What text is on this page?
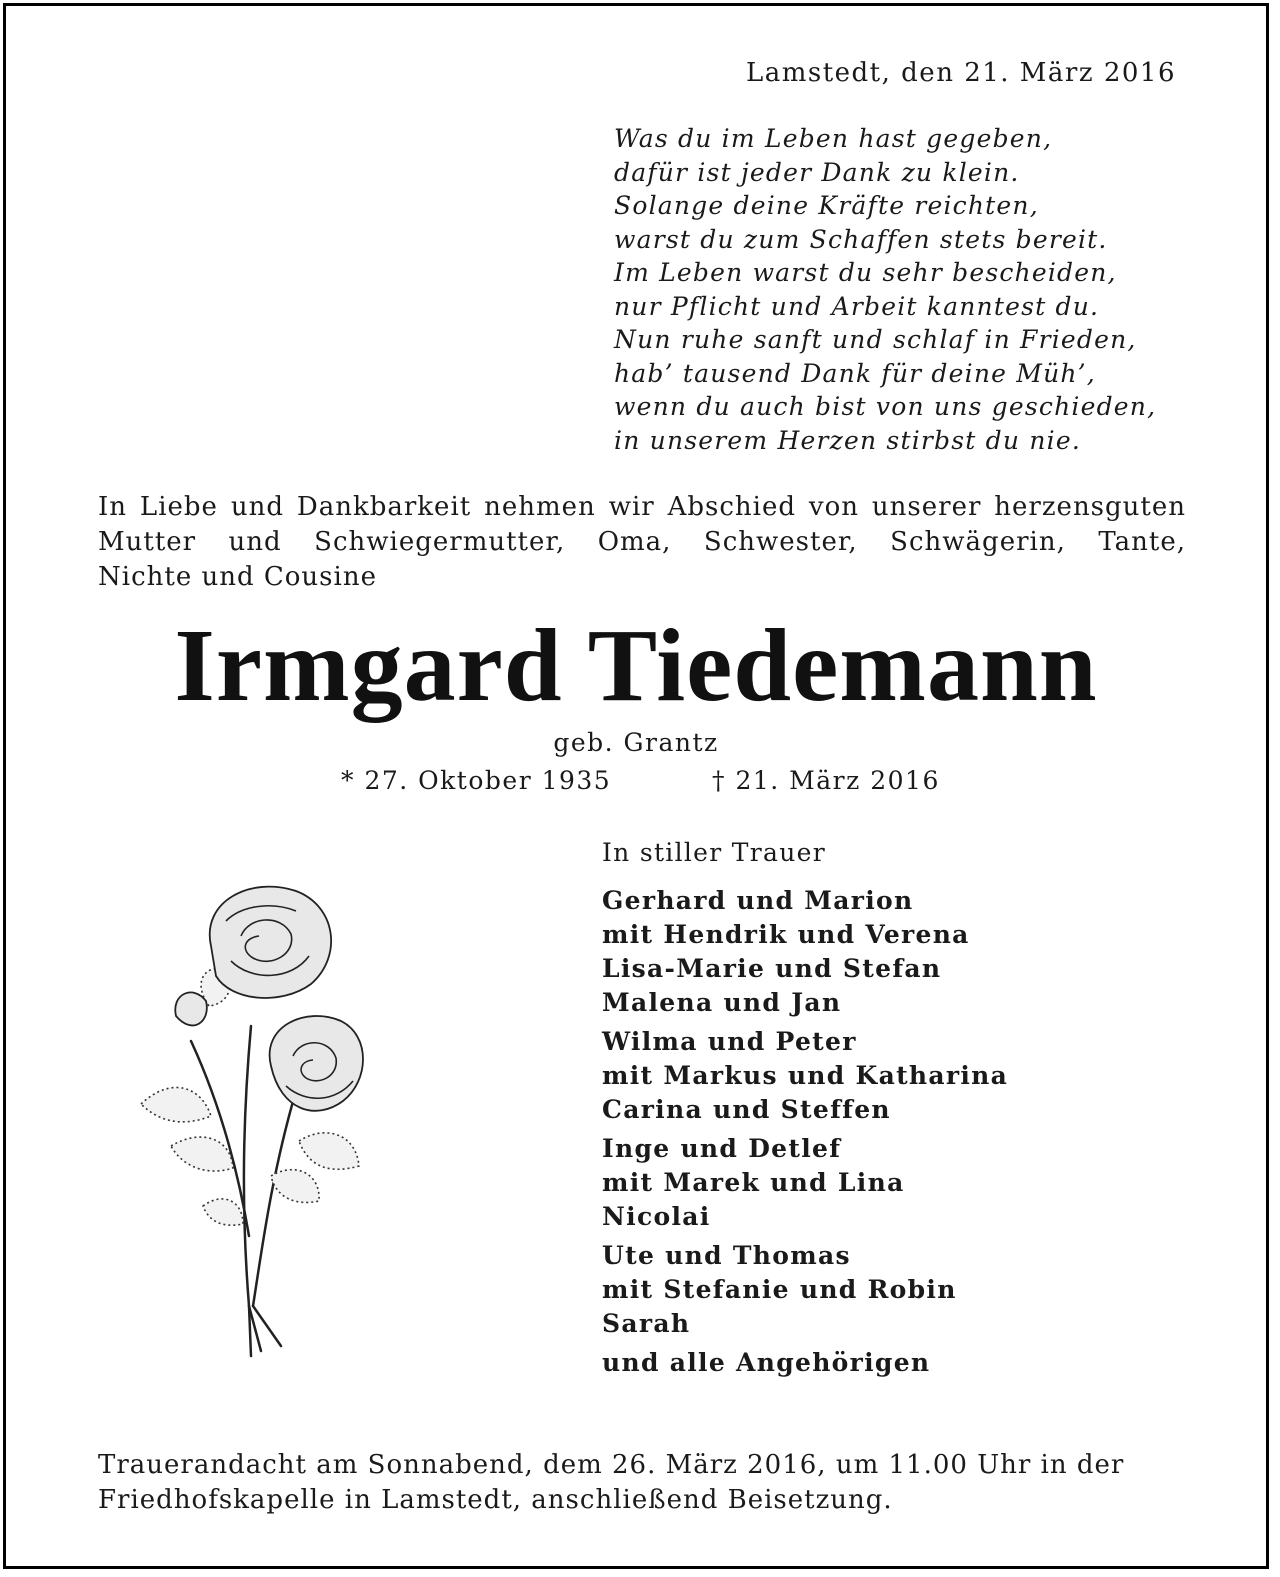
Lamstedt, den 21. März 2016
Was du im Leben hast gegeben,
dafür ist jeder Dank zu klein.
Solange deine Kräfte reichten,
warst du zum Schaffen stets bereit.
Im Leben warst du sehr bescheiden,
nur Pflicht und Arbeit kanntest du.
Nun ruhe sanft und schlaf in Frieden,
hab’ tausend Dank für deine Müh’,
wenn du auch bist von uns geschieden,
in unserem Herzen stirbst du nie.
In Liebe und Dankbarkeit nehmen wir Abschied von unserer herzensguten
Mutter und Schwiegermutter, Oma, Schwester, Schwägerin, Tante,
Nichte und Cousine
Irmgard Tiedemann
geb. Grantz
* 27. Oktober 1935	† 21. März 2016
In stiller Trauer
Gerhard und Marion
mit Hendrik und Verena
Lisa-Marie und Stefan
Malena und Jan
Wilma und Peter
mit Markus und Katharina
Carina und Steffen
Inge und Detlef
mit Marek und Lina
Nicolai
Ute und Thomas
mit Stefanie und Robin
Sarah
und alle Angehörigen
Trauerandacht am Sonnabend, dem 26. März 2016, um 11.00 Uhr in der Friedhofskapelle in Lamstedt, anschließend Beisetzung.
